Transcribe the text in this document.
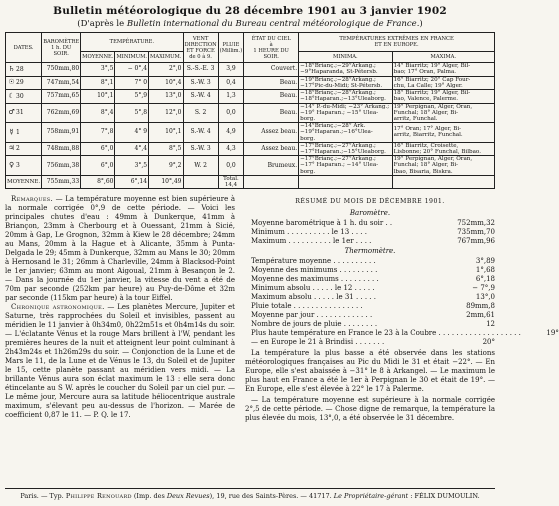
Bulletin météorologique du 28 décembre 1901 au 3 janvier 1902
(D'après le Bulletin international du Bureau central météorologique de France.)
DATES.	BAROMÈTRE
1 h. DU SOIR.	TEMPÉRATURE.			VENT
DIRECTION
ET FORCE
de 0 à 9.	PLUIE
(Millim.)	ÉTAT DU CIEL
à
1 HEURE DU SOIR.	TEMPÉRATURES EXTRÊMES EN FRANCE
ET EN EUROPE.	
		MOYENNE.	MINIMUM.	MAXIMUM.				MINIMA.	MAXIMA.
♄28	750mm,80	3°,5	− 0°,4	2°,0	S.-S.-E. 3	3,9	Couvert.	−18°Brianç.;−29°Arkang.;
−9°Haparanda, St-Pétersb.	14° Biarritz; 19° Alger, Bil-
bao; 17° Oran, Palma.
☉29	747mm,54	8°,1	7° 0	10°,4	S.-W. 3	0,4	Beau.	−19°Brianç.;−28°Arkang.;
−17°Pic-du-Midi; St-Pétersb.	16° Biarritz; 20° Cap Four-
chu, La Calle; 19° Alger.
☾30	757mm,65	10°,1	5°,9	13°,0	S.-W. 4	1,3	Beau.	−18°Brianç.;−28°Arkang.;
−18°Haparan.;−13°Uleaborg.	18° Biarritz; 19° Alger, Bil-
bao, Valence, Palerme.
♂31	762mm,69	8°,4	5°,8	12°,0	S. 2	0,0	Beau.	−14° P.-du-Midi; −23° Arkang.;
−19° Haparan.; −15° Ulea-
borg.	19° Perpignan, Alger, Oran,
Funchal; 18° Alger, Bi-
arritz, Funchal.
☿ 1	758mm,91	7°,8	4° 9	10°,1	S.-W. 4	4,9	Assez beau.	−14°Brianç.;−28° Ark.
−19°Haparan.;−16°Ulea-
borg.	17° Oran; 17° Alger, Bi-
arritz, Biarritz, Funchal.
♃2	748mm,88	6°,0	4°,4	8°,5	S.-W. 3	4,3	Assez beau.	−17°Brianç.;−27°Arkang.;
−17°Haparan.;−15°Uleaborg.	16° Biarritz, Croisette,
Lisbonne; 20° Funchal, Bilbao.
♀ 3	756mm,38	6°,0	3°,5	9°,2	W. 2	0,0	Brumeux.	−17°Brianç.;−27°Arkang.;
−17° Haparan.; −14° Ulea-
borg.	19° Perpignan, Alger, Oran,
Funchal; 18° Alger, Bi-
lbao, Bisaria, Biskra.
MOYENNE.	755mm,33	8°,60	6°,14	10°,49		Total.
14,4			

Remarques. — La température moyenne est bien supérieure à la normale corrigée 0°,9 de cette période. — Voici les principales chutes d'eau : 49mm à Dunkerque, 41mm à Briançon, 23mm à Cherbourg et à Ouessant, 21mm à Sicié, 20mm à Gap, Le Grognon, 32mm à Kiew le 28 décembre; 24mm au Mans, 20mm à la Hague et à Alicante, 35mm à Punta-Delgada le 29; 45mm à Dunkerque, 32mm au Mans le 30; 20mm à Hernosand le 31; 26mm à Charleville, 24mm à Blacksod-Point le 1er janvier; 63mm au mont Aigoual, 21mm à Besançon le 2. — Dans la journée du 1er janvier, la vitesse du vent a été de 70m par seconde (252km par heure) au Puy-de-Dôme et 32m par seconde (115km par heure) à la tour Eiffel.

Chronique astronomique. — Les planètes Mercure, Jupiter et Saturne, très rapprochées du Soleil et invisibles, passent au méridien le 11 janvier à 0h34m0, 0h22m51s et 0h4m14s du soir. — L'éclatante Vénus et la rouge Mars brillent à l'W, pendant les premières heures de la nuit et atteignent leur point culminant à 2h43m24s et 1h26m29s du soir. — Conjonction de la Lune et de Mars le 11, de la Lune et de Vénus le 13, du Soleil et de Jupiter le 15, cette planète passant au méridien vers midi. — La brillante Vénus aura son éclat maximum le 13 : elle sera donc étincelante au S W. après le coucher du Soleil par un ciel pur. — Le même jour, Mercure aura sa latitude héliocentrique australe maximum, s'élevant peu au-dessus de l'horizon. — Marée de coefficient 0,87 le 11. — P. Q. le 17.

RÉSUMÉ DU MOIS DE DÉCEMBRE 1901.
Baromètre.
Moyenne barométrique à 1 h. du soir . .	752mm,32
Minimum . . . . . . . . . . le 13 . . . .	735mm,70
Maximum . . . . . . . . . . le 1er . . . .	767mm,96
Thermomètre.
Température moyenne . . . . . . . . . .	3°,89
Moyenne des minimums . . . . . . . . .	1°,68
Moyenne des maximums . . . . . . . . .	6°,18
Minimum absolu . . . . . le 12 . . . . .	− 7°,9
Maximum absolu . . . . . le 31 . . . . .	13°,0
Pluie totale . . . . . . . . . . . . . . . .	89mm,8
Moyenne par jour . . . . . . . . . . . . .	2mm,61
Nombre de jours de pluie . . . . . . . .	12
Plus haute température en France le 23 à la Coubre . . . . . . . . . . . . . . . . . . .	19°
— en Europe le 21 à Brindisi . . . . . . .	20°
La température la plus basse a été observée dans les stations météorologiques françaises au Pic du Midi le 31 et était −22°. — En Europe, elle s'est abaissée à −31° le 8 à Arkangel. — Le maximum le plus haut en France a été le 1er à Perpignan le 30 et était de 19°. — En Europe, elle s'est élevée à 22° le 17 à Palerme.
— La température moyenne est supérieure à la normale corrigée 2°,5 de cette période. — Chose digne de remarque, la température la plus élevée du mois, 13°,0, a été observée le 31 décembre.
Paris. — Typ. Philippe Renouard (Imp. des Deux Revues), 19, rue des Saints-Pères. — 41717. Le Propriétaire-gérant : FÉLIX DUMOULIN.
